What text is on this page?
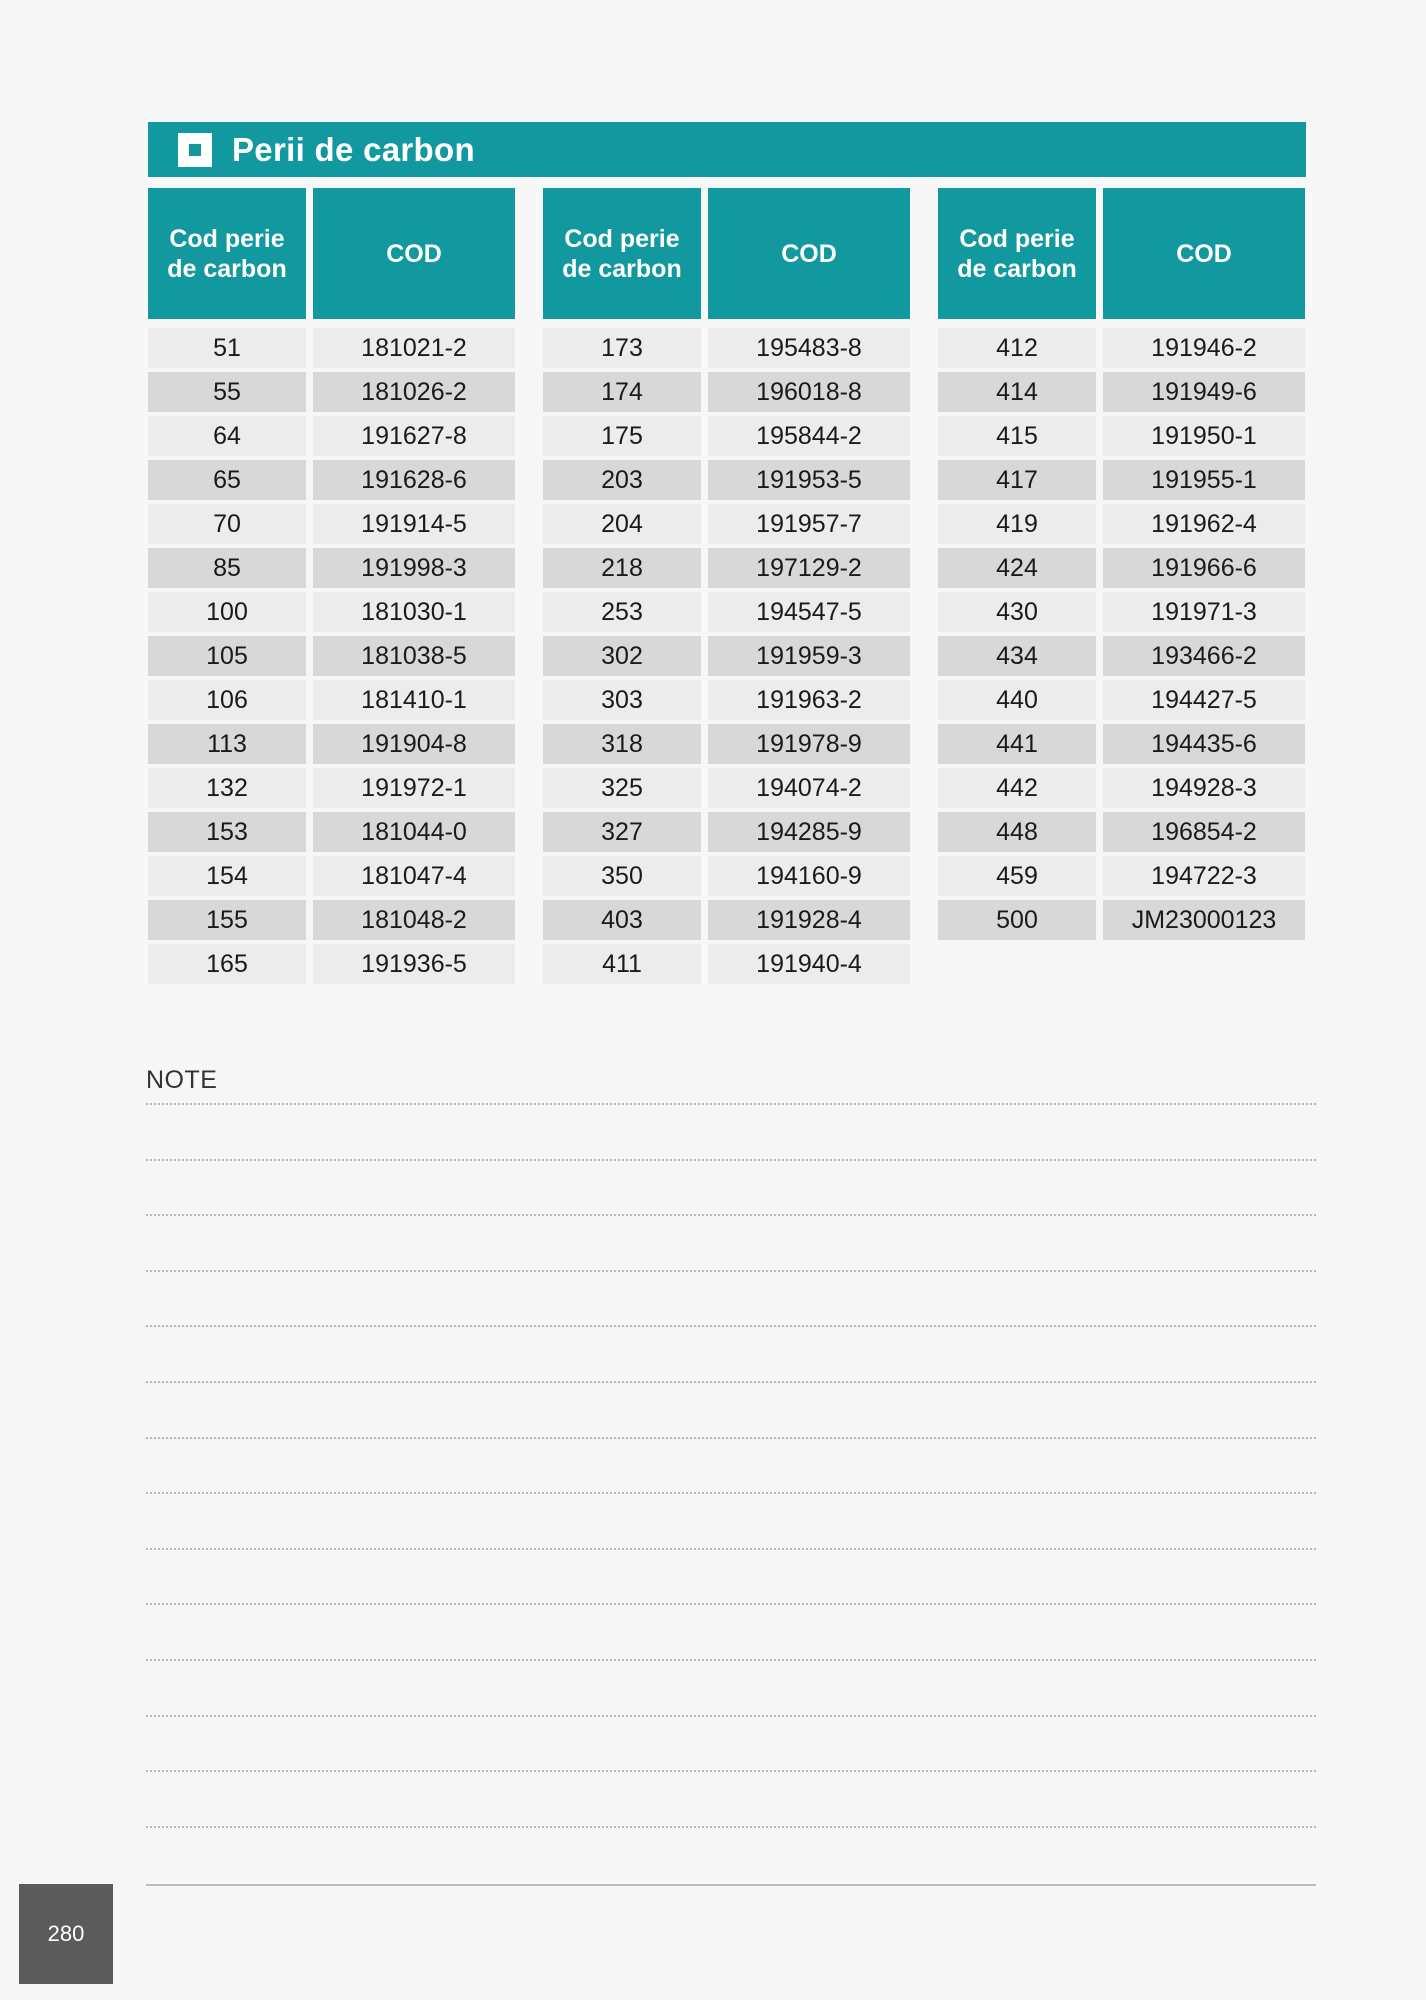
Perii de carbon
Cod perie de carbon
COD
51	181021-2
55	181026-2
64	191627-8
65	191628-6
70	191914-5
85	191998-3
100	181030-1
105	181038-5
106	181410-1
113	191904-8
132	191972-1
153	181044-0
154	181047-4
155	181048-2
165	191936-5
Cod perie de carbon
COD
173	195483-8
174	196018-8
175	195844-2
203	191953-5
204	191957-7
218	197129-2
253	194547-5
302	191959-3
303	191963-2
318	191978-9
325	194074-2
327	194285-9
350	194160-9
403	191928-4
411	191940-4
Cod perie de carbon
COD
412	191946-2
414	191949-6
415	191950-1
417	191955-1
419	191962-4
424	191966-6
430	191971-3
434	193466-2
440	194427-5
441	194435-6
442	194928-3
448	196854-2
459	194722-3
500	JM23000123
NOTE
280
